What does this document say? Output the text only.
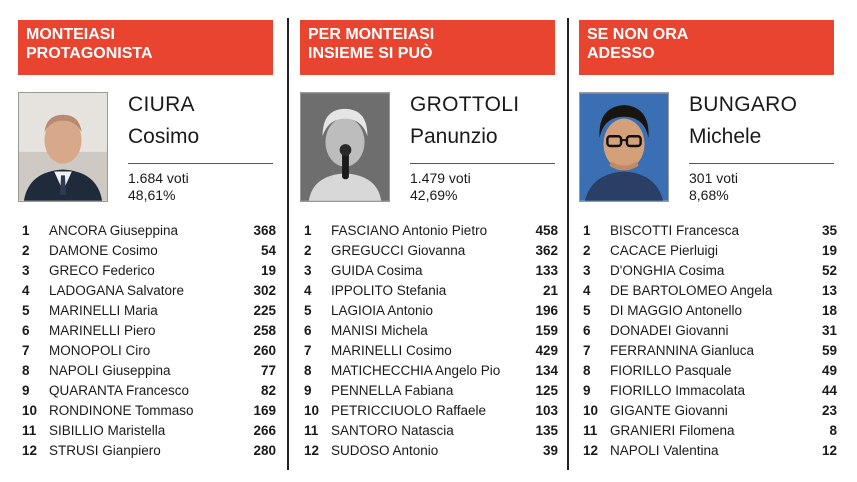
MONTEIASI
PROTAGONISTA
CIURA
Cosimo
1.684 voti
48,61%
1	ANCORA Giuseppina	368
2	DAMONE Cosimo	54
3	GRECO Federico	19
4	LADOGANA Salvatore	302
5	MARINELLI Maria	225
6	MARINELLI Piero	258
7	MONOPOLI Ciro	260
8	NAPOLI Giuseppina	77
9	QUARANTA Francesco	82
10 RONDINONE Tommaso	169
11 SIBILLIO Maristella	266
12 STRUSI Gianpiero	280
PER MONTEIASI
INSIEME SI PUÒ
GROTTOLI
Panunzio
1.479 voti
42,69%
1	FASCIANO Antonio Pietro	458
2	GREGUCCI Giovanna	362
3	GUIDA Cosima	133
4	IPPOLITO Stefania	21
5	LAGIOIA Antonio	196
6	MANISI Michela	159
7	MARINELLI Cosimo	429
8	MATICHECCHIA Angelo Pio	134
9	PENNELLA Fabiana	125
10 PETRICCIUOLO Raffaele	103
11 SANTORO Natascia	135
12 SUDOSO Antonio	39
SE NON ORA
ADESSO
BUNGARO
Michele
301 voti
8,68%
1	BISCOTTI Francesca	35
2	CACACE Pierluigi	19
3	D'ONGHIA Cosima	52
4	DE BARTOLOMEO Angela	13
5	DI MAGGIO Antonello	18
6	DONADEI Giovanni	31
7	FERRANNINA Gianluca	59
8	FIORILLO Pasquale	49
9	FIORILLO Immacolata	44
10 GIGANTE Giovanni	23
11 GRANIERI Filomena	8
12 NAPOLI Valentina	12
